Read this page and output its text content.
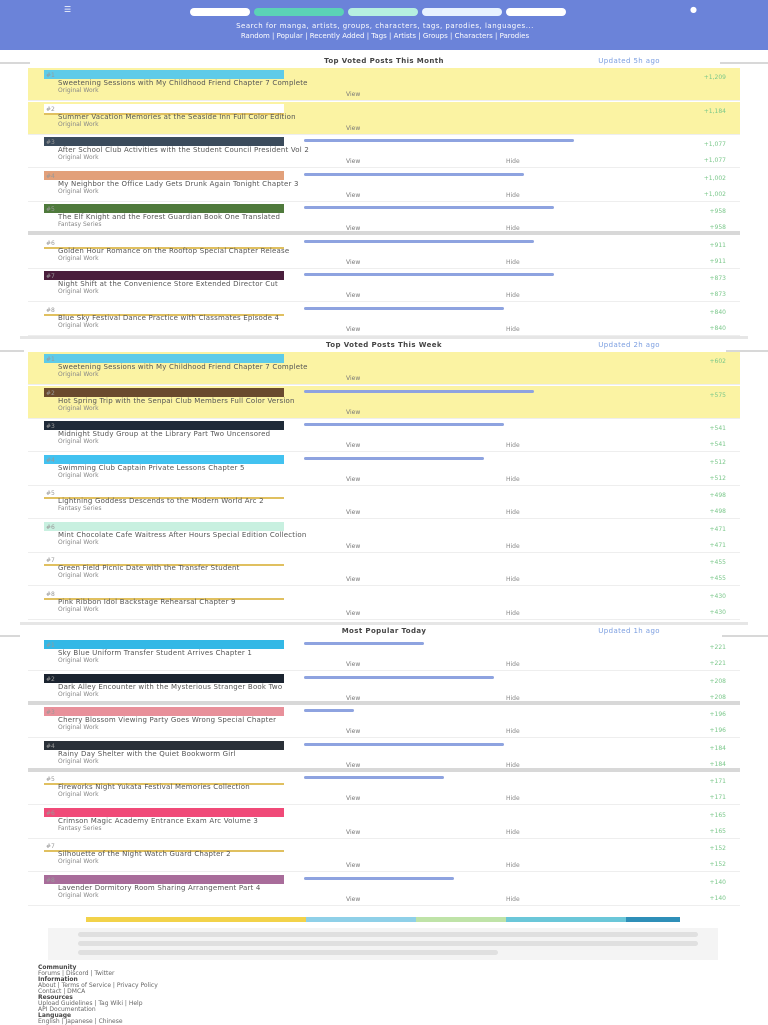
☰	●
Search for manga, artists, groups, characters, tags, parodies, languages...
Random | Popular | Recently Added | Tags | Artists | Groups | Characters | Parodies
Top Voted Posts This Month	Updated 5h ago
#1
Sweetening Sessions with My Childhood Friend Chapter 7 Complete
Original Work
View
+1,209
#2
Summer Vacation Memories at the Seaside Inn Full Color Edition
Original Work
View
+1,184
#3
After School Club Activities with the Student Council President Vol 2
Original Work
View	Hide
+1,077
+1,077
#4
My Neighbor the Office Lady Gets Drunk Again Tonight Chapter 3
Original Work
View	Hide
+1,002
+1,002
#5
The Elf Knight and the Forest Guardian Book One Translated
Fantasy Series
View	Hide
+958
+958
#6
Golden Hour Romance on the Rooftop Special Chapter Release
Original Work
View	Hide
+911
+911
#7
Night Shift at the Convenience Store Extended Director Cut
Original Work
View	Hide
+873
+873
#8
Blue Sky Festival Dance Practice with Classmates Episode 4
Original Work
View	Hide
+840
+840
Top Voted Posts This Week	Updated 2h ago
#1
Sweetening Sessions with My Childhood Friend Chapter 7 Complete
Original Work
View
+602
#2
Hot Spring Trip with the Senpai Club Members Full Color Version
Original Work
View
+575
#3
Midnight Study Group at the Library Part Two Uncensored
Original Work
View	Hide
+541
+541
#4
Swimming Club Captain Private Lessons Chapter 5
Original Work
View	Hide
+512
+512
#5
Lightning Goddess Descends to the Modern World Arc 2
Fantasy Series
View	Hide
+498
+498
#6
Mint Chocolate Cafe Waitress After Hours Special Edition Collection
Original Work
View	Hide
+471
+471
#7
Green Field Picnic Date with the Transfer Student
Original Work
View	Hide
+455
+455
#8
Pink Ribbon Idol Backstage Rehearsal Chapter 9
Original Work
View	Hide
+430
+430
Most Popular Today	Updated 1h ago
#1
Sky Blue Uniform Transfer Student Arrives Chapter 1
Original Work
View	Hide
+221
+221
#2
Dark Alley Encounter with the Mysterious Stranger Book Two
Original Work
View	Hide
+208
+208
#3
Cherry Blossom Viewing Party Goes Wrong Special Chapter
Original Work
View	Hide
+196
+196
#4
Rainy Day Shelter with the Quiet Bookworm Girl
Original Work
View	Hide
+184
+184
#5
Fireworks Night Yukata Festival Memories Collection
Original Work
View	Hide
+171
+171
#6
Crimson Magic Academy Entrance Exam Arc Volume 3
Fantasy Series
View	Hide
+165
+165
#7
Silhouette of the Night Watch Guard Chapter 2
Original Work
View	Hide
+152
+152
#8
Lavender Dormitory Room Sharing Arrangement Part 4
Original Work
View	Hide
+140
+140
Community
Forums | Discord | Twitter
Information
About | Terms of Service | Privacy Policy
Contact | DMCA
Resources
Upload Guidelines | Tag Wiki | Help
API Documentation
Language
English | Japanese | Chinese
